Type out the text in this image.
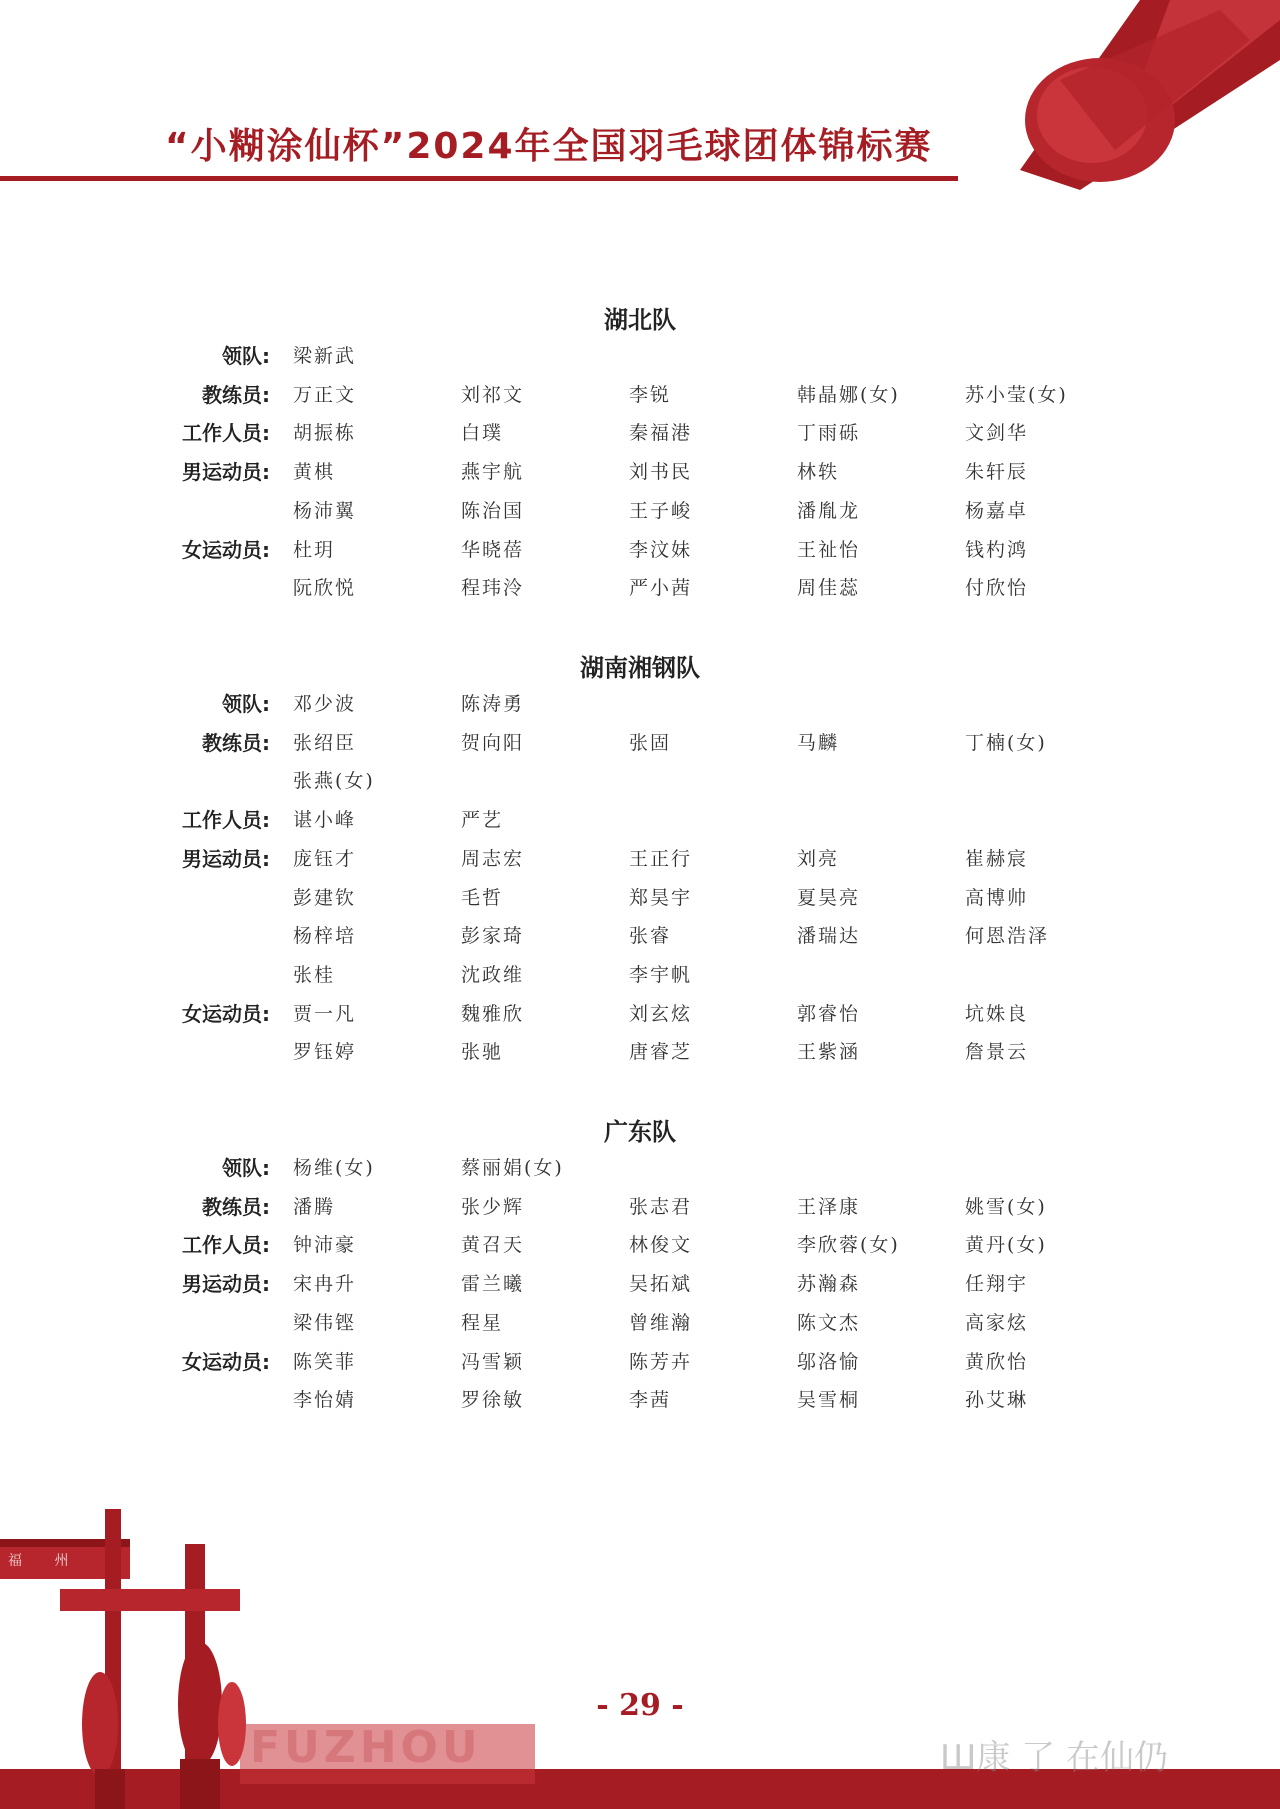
“小糊涂仙杯”2024年全国羽毛球团体锦标赛
湖北队
领队: 梁新武
教练员: 万正文	刘祁文	李锐	韩晶娜(女)	苏小莹(女)
工作人员: 胡振栋	白璞	秦福港	丁雨砾	文剑华
男运动员: 黄棋	燕宇航	刘书民	林轶	朱轩辰
杨沛翼	陈治国	王子峻	潘胤龙	杨嘉卓
女运动员: 杜玥	华晓蓓	李汶妹	王祉怡	钱杓鸿
阮欣悦	程玮泠	严小茜	周佳蕊	付欣怡
湖南湘钢队
领队: 邓少波	陈涛勇
教练员: 张绍臣	贺向阳	张固	马麟	丁楠(女)
张燕(女)
工作人员: 谌小峰	严艺
男运动员: 庞钰才	周志宏	王正行	刘亮	崔赫宸
彭建钦	毛哲	郑昊宇	夏昊亮	高博帅
杨梓培	彭家琦	张睿	潘瑞达	何恩浩泽
张桂	沈政维	李宇帆
女运动员: 贾一凡	魏雅欣	刘玄炫	郭睿怡	坑姝良
罗钰婷	张驰	唐睿芝	王紫涵	詹景云
广东队
领队: 杨维(女)	蔡丽娟(女)
教练员: 潘腾	张少辉	张志君	王泽康	姚雪(女)
工作人员: 钟沛豪	黄召天	林俊文	李欣蓉(女)	黄丹(女)
男运动员: 宋冉升	雷兰曦	吴拓斌	苏瀚森	任翔宇
梁伟铿	程星	曾维瀚	陈文杰	高家炫
女运动员: 陈笑菲	冯雪颖	陈芳卉	邬洛愉	黄欣怡
李怡婧	罗徐敏	李茜	吴雪桐	孙艾琳
福 州
FUZHOU
- 29 -
Ш康 了 在仙仍
